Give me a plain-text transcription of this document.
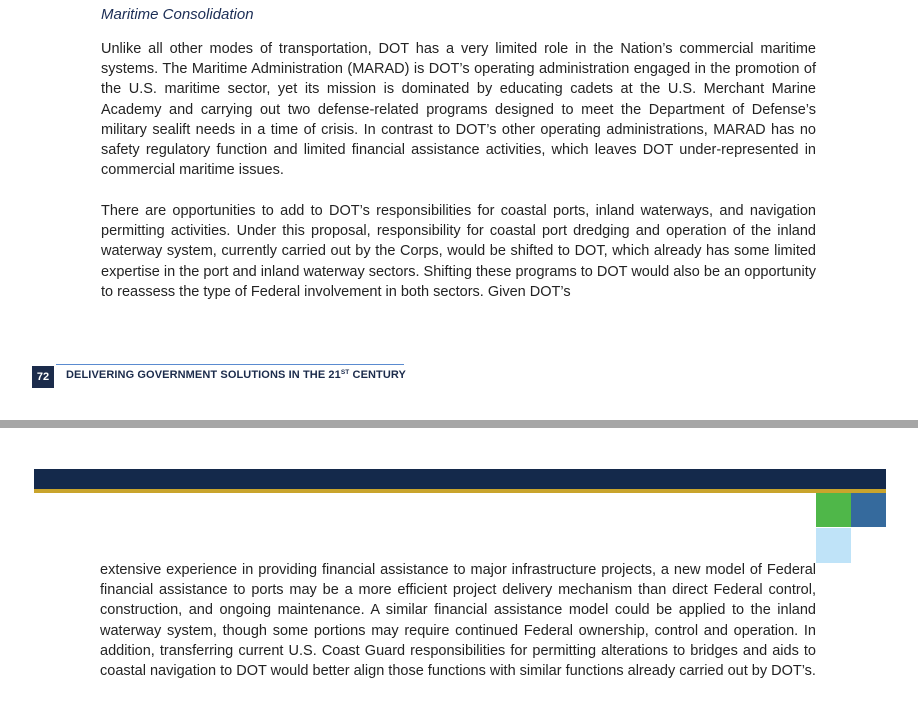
Maritime Consolidation

Unlike all other modes of transportation, DOT has a very limited role in the Nation’s commercial maritime systems. The Maritime Administration (MARAD) is DOT’s operating administration engaged in the promotion of the U.S. maritime sector, yet its mission is dominated by educating cadets at the U.S. Merchant Marine Academy and carrying out two defense-related programs designed to meet the Department of Defense’s military sealift needs in a time of crisis. In contrast to DOT’s other operating administrations, MARAD has no safety regulatory function and limited financial assistance activities, which leaves DOT under-represented in commercial maritime issues.

There are opportunities to add to DOT’s responsibilities for coastal ports, inland waterways, and navigation permitting activities. Under this proposal, responsibility for coastal port dredging and operation of the inland waterway system, currently carried out by the Corps, would be shifted to DOT, which already has some limited expertise in the port and inland waterway sectors. Shifting these programs to DOT would also be an opportunity to reassess the type of Federal involvement in both sectors. Given DOT’s

72	DELIVERING GOVERNMENT SOLUTIONS IN THE 21ST CENTURY

extensive experience in providing financial assistance to major infrastructure projects, a new model of Federal financial assistance to ports may be a more efficient project delivery mechanism than direct Federal control, construction, and ongoing maintenance. A similar financial assistance model could be applied to the inland waterway system, though some portions may require continued Federal ownership, control and operation. In addition, transferring current U.S. Coast Guard responsibilities for permitting alterations to bridges and aids to coastal navigation to DOT would better align those functions with similar functions already carried out by DOT’s.
